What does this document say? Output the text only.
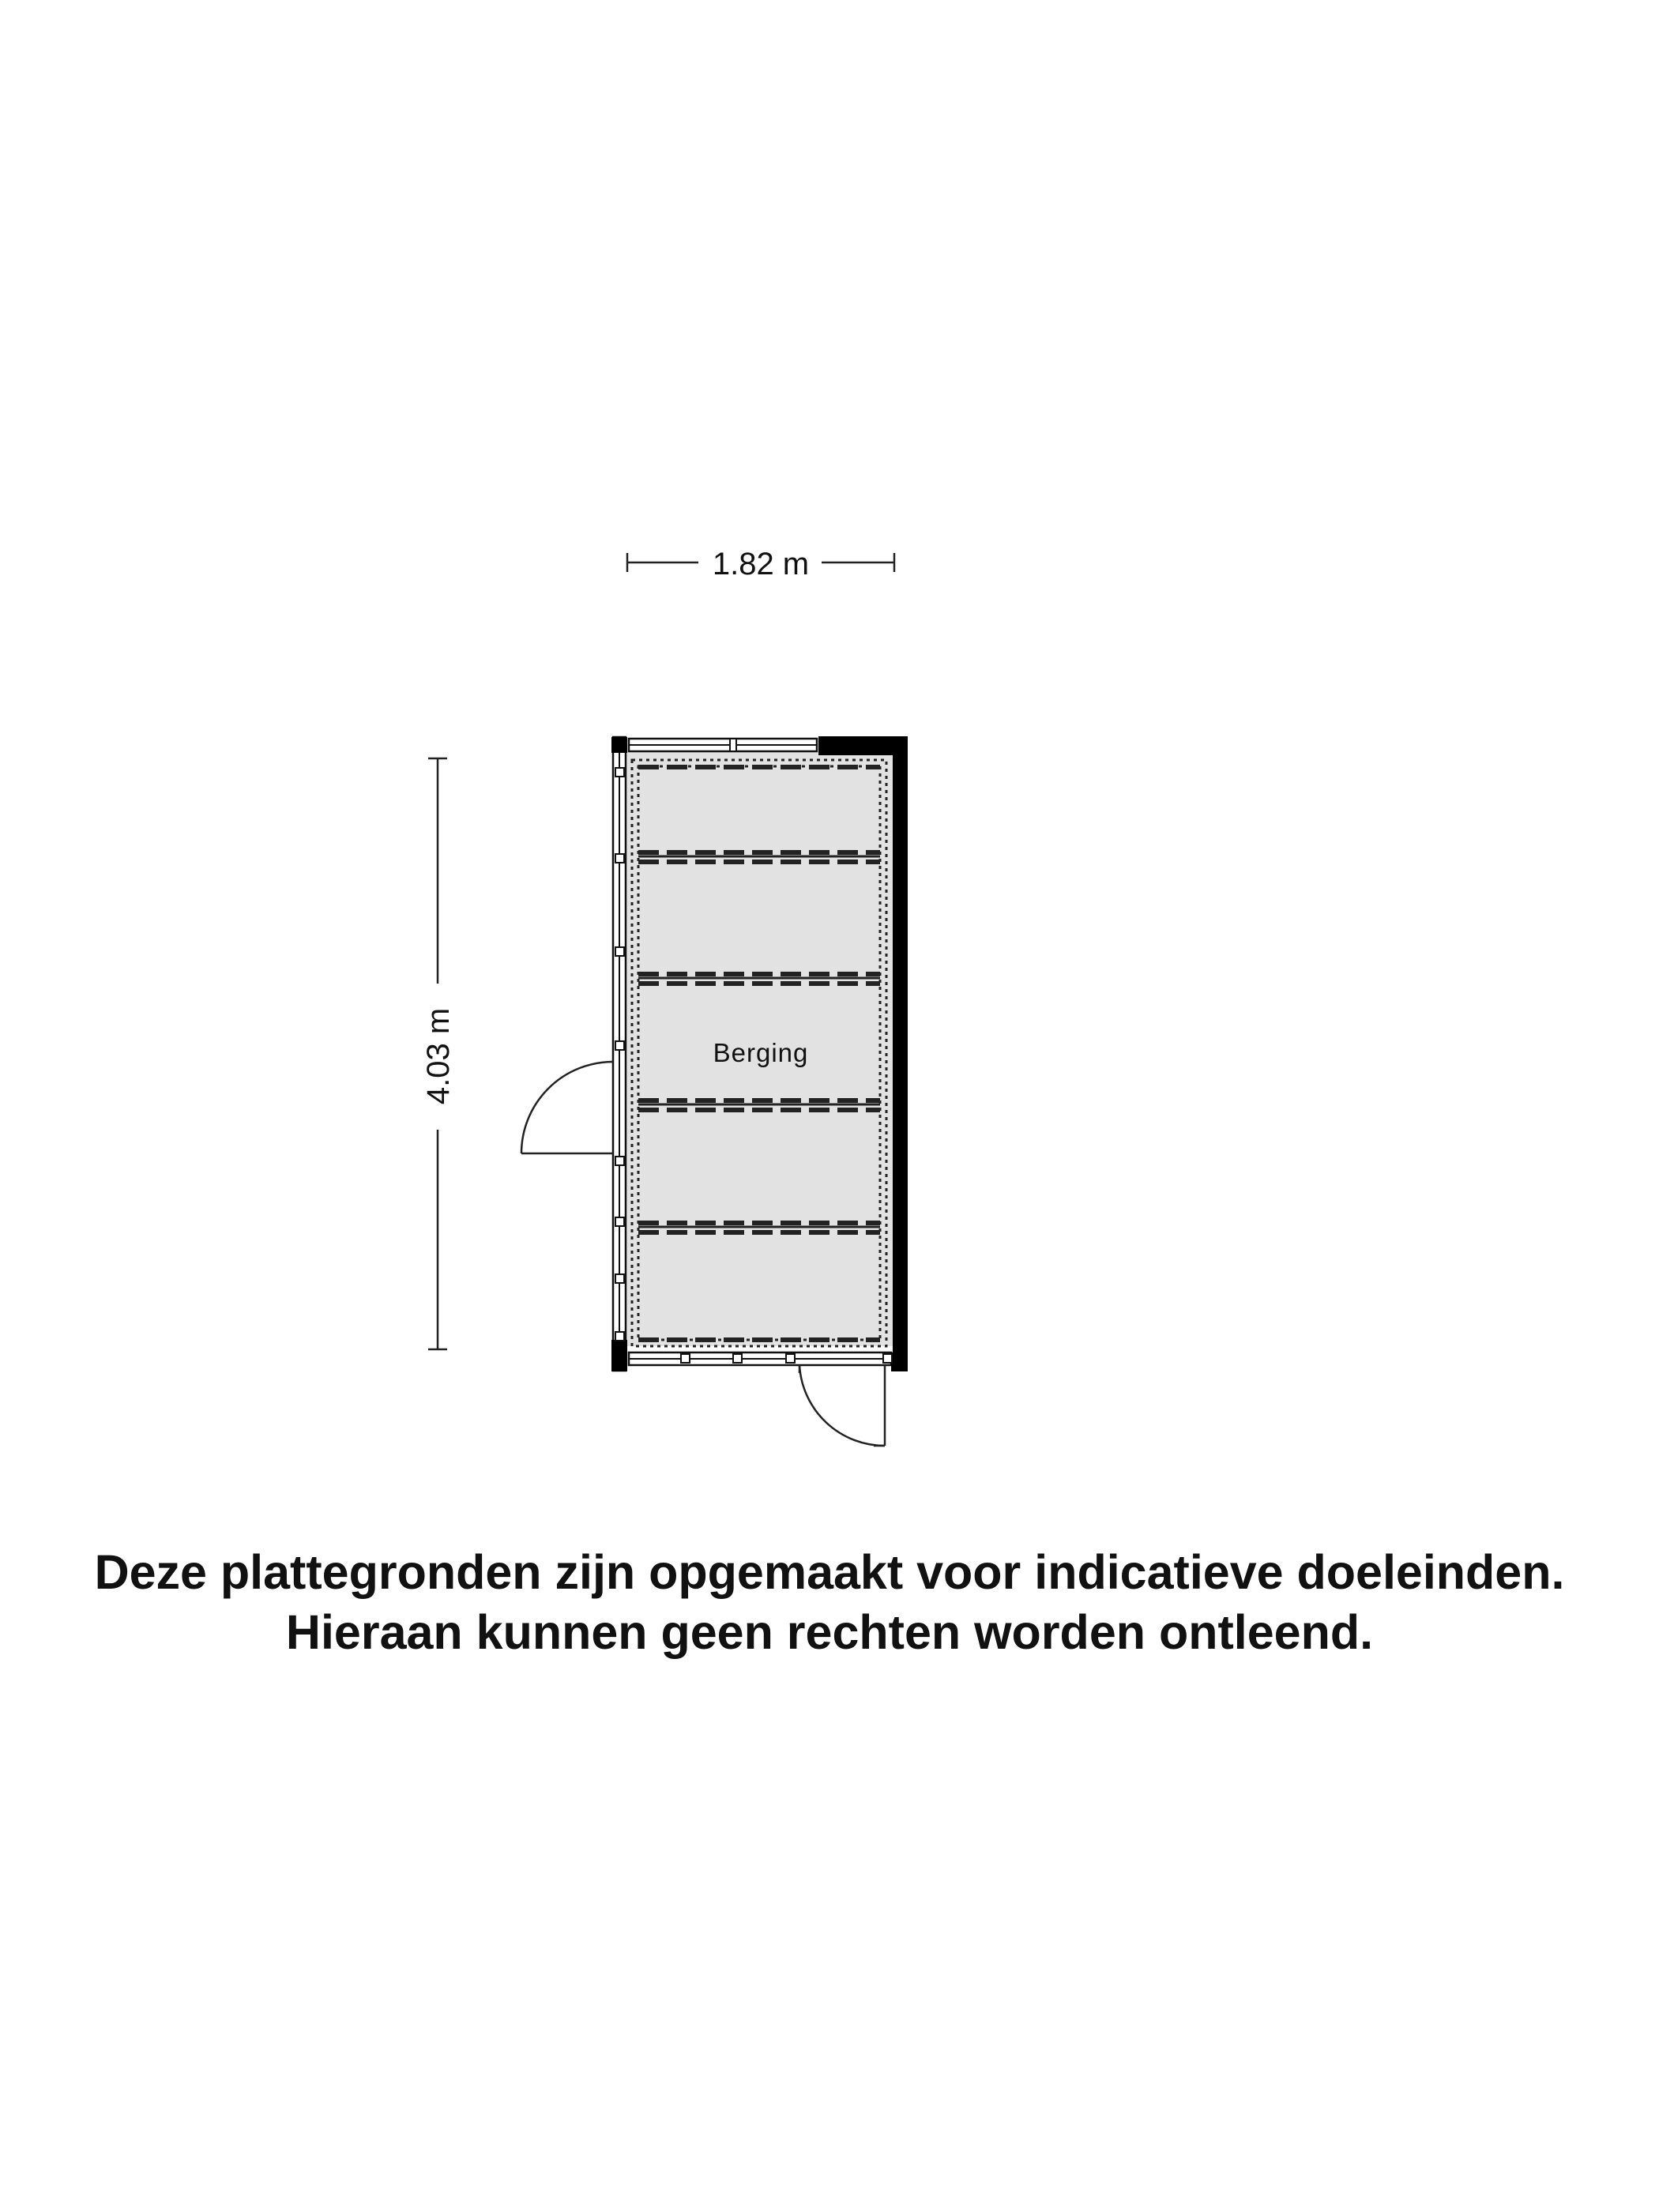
1.82 m
4.03 m	Berging
Deze plattegronden zijn opgemaakt voor indicatieve doeleinden.
Hieraan kunnen geen rechten worden ontleend.
